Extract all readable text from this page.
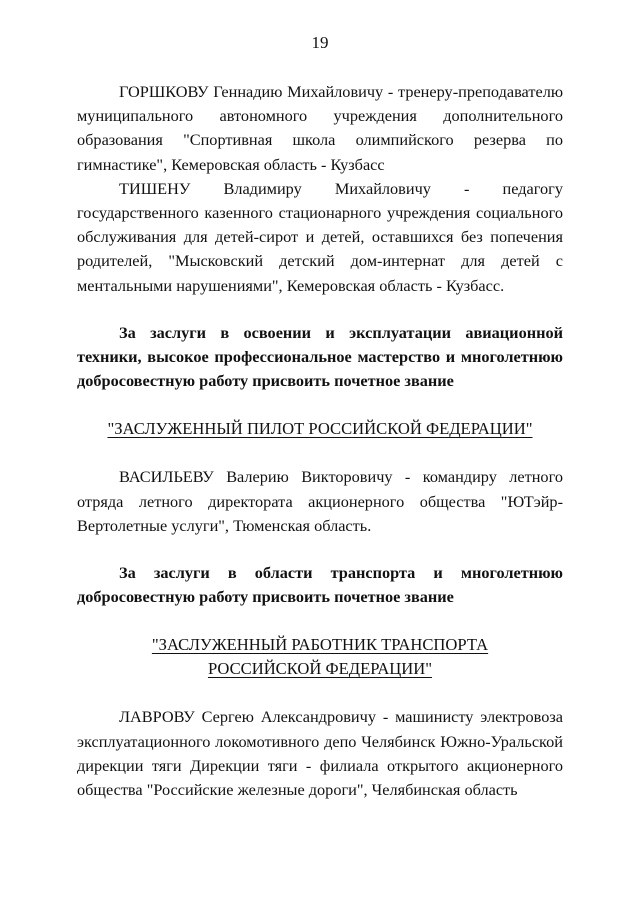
19

ГОРШКОВУ Геннадию Михайловичу - тренеру-преподавателю муниципального автономного учреждения дополнительного образования "Спортивная школа олимпийского резерва по гимнастике", Кемеровская область - Кузбасс

ТИШЕНУ Владимиру Михайловичу - педагогу государственного казенного стационарного учреждения социального обслуживания для детей-сирот и детей, оставшихся без попечения родителей, "Мысковский детский дом-интернат для детей с ментальными нарушениями", Кемеровская область - Кузбасс.

За заслуги в освоении и эксплуатации авиационной техники, высокое профессиональное мастерство и многолетнюю добросовестную работу присвоить почетное звание

"ЗАСЛУЖЕННЫЙ ПИЛОТ РОССИЙСКОЙ ФЕДЕРАЦИИ"

ВАСИЛЬЕВУ Валерию Викторовичу - командиру летного отряда летного директората акционерного общества "ЮТэйр-Вертолетные услуги", Тюменская область.

За заслуги в области транспорта и многолетнюю добросовестную работу присвоить почетное звание

"ЗАСЛУЖЕННЫЙ РАБОТНИК ТРАНСПОРТА

РОССИЙСКОЙ ФЕДЕРАЦИИ"

ЛАВРОВУ Сергею Александровичу - машинисту электровоза эксплуатационного локомотивного депо Челябинск Южно-Уральской дирекции тяги Дирекции тяги - филиала открытого акционерного общества "Российские железные дороги", Челябинская область
